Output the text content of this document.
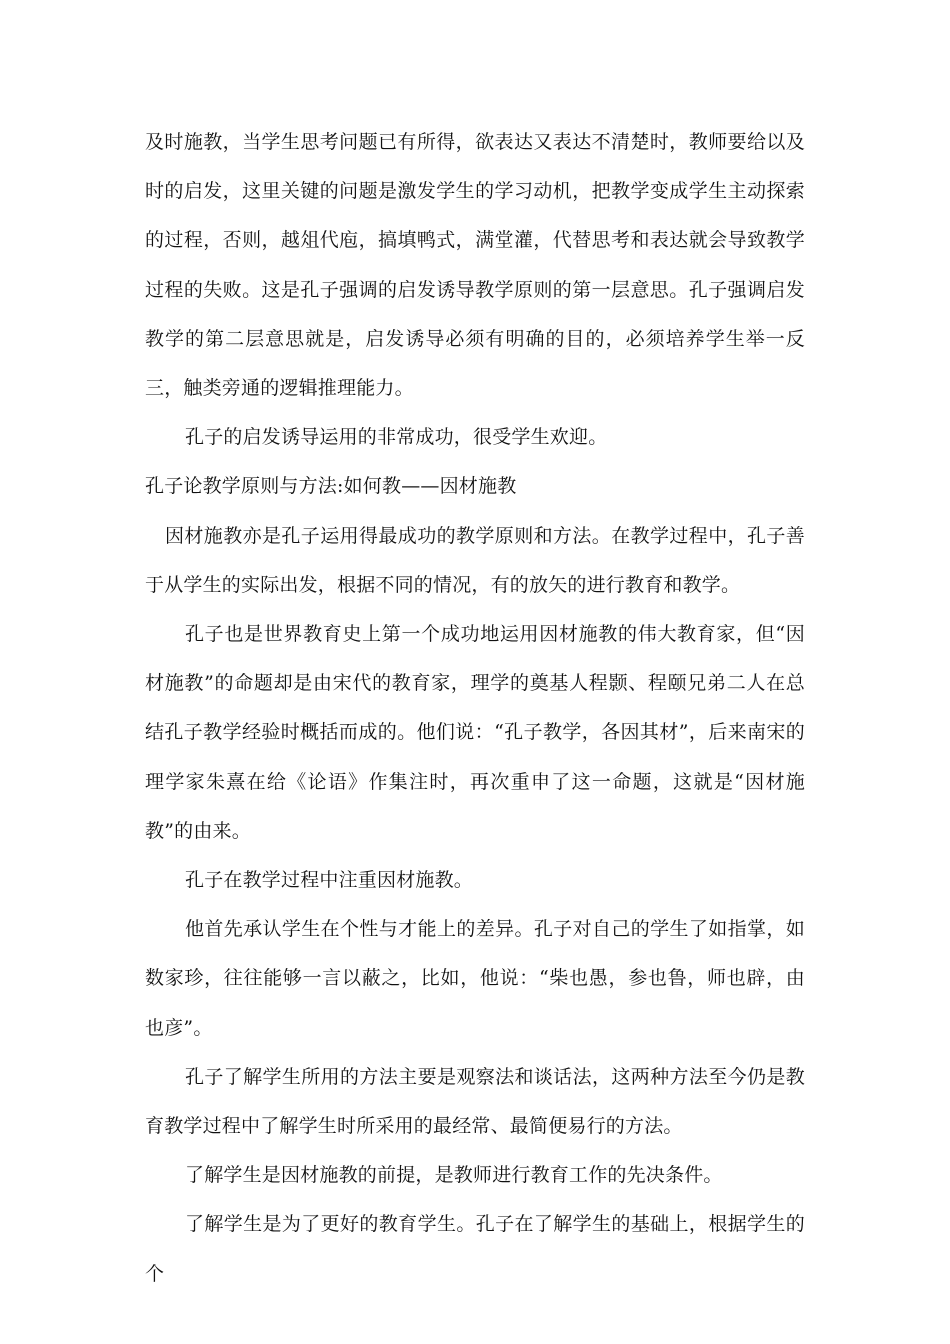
及时施教，当学生思考问题已有所得，欲表达又表达不清楚时，教师要给以及时的启发，这里关键的问题是激发学生的学习动机，把教学变成学生主动探索的过程，否则，越俎代庖，搞填鸭式，满堂灌，代替思考和表达就会导致教学过程的失败。这是孔子强调的启发诱导教学原则的第一层意思。孔子强调启发教学的第二层意思就是，启发诱导必须有明确的目的，必须培养学生举一反三，触类旁通的逻辑推理能力。

孔子的启发诱导运用的非常成功，很受学生欢迎。

孔子论教学原则与方法:如何教——因材施教

因材施教亦是孔子运用得最成功的教学原则和方法。在教学过程中，孔子善于从学生的实际出发，根据不同的情况，有的放矢的进行教育和教学。

孔子也是世界教育史上第一个成功地运用因材施教的伟大教育家，但“因材施教”的命题却是由宋代的教育家，理学的奠基人程颢、程颐兄弟二人在总结孔子教学经验时概括而成的。他们说：“孔子教学，各因其材”，后来南宋的理学家朱熹在给《论语》作集注时，再次重申了这一命题，这就是“因材施教”的由来。

孔子在教学过程中注重因材施教。

他首先承认学生在个性与才能上的差异。孔子对自己的学生了如指掌，如数家珍，往往能够一言以蔽之，比如，他说：“柴也愚，参也鲁，师也辟，由也彦”。

孔子了解学生所用的方法主要是观察法和谈话法，这两种方法至今仍是教育教学过程中了解学生时所采用的最经常、最简便易行的方法。

了解学生是因材施教的前提，是教师进行教育工作的先决条件。

了解学生是为了更好的教育学生。孔子在了解学生的基础上，根据学生的个
